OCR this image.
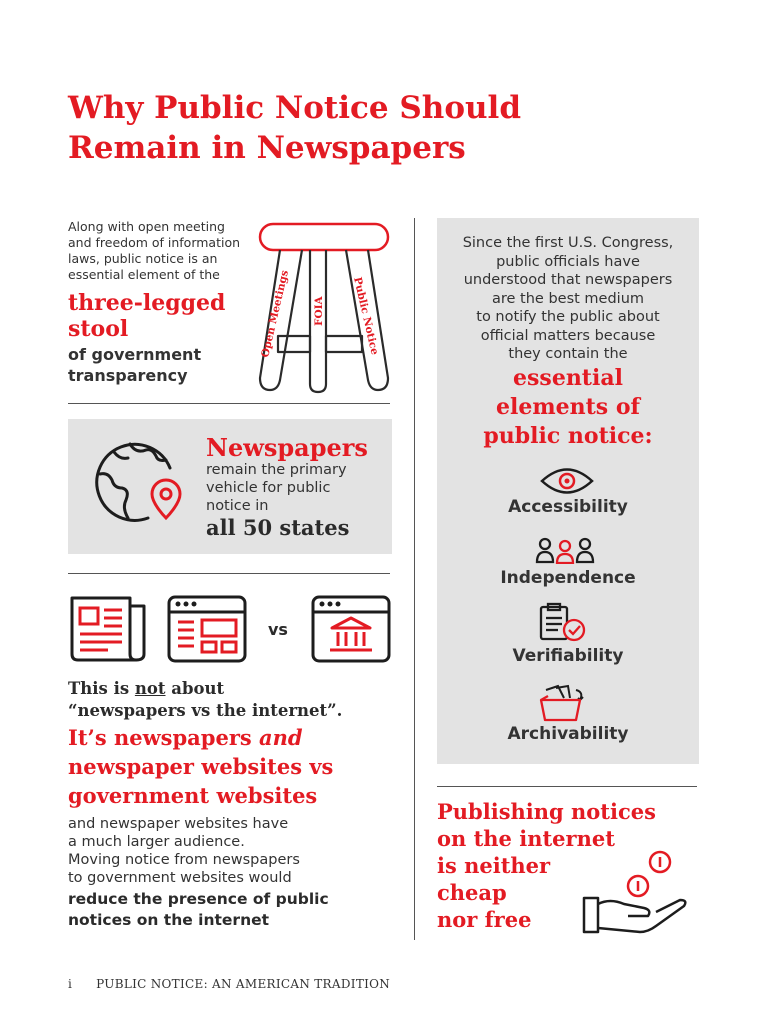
Why Public Notice Should
Remain in Newspapers
Along with open meeting
and freedom of information
laws, public notice is an
essential element of the
three-legged
stool
of government
transparency
Open Meetings FOIA Public Notice
Newspapers
remain the primary
vehicle for public
notice in
all 50 states
vs
This is not about
“newspapers vs the internet”.
It’s newspapers and
newspaper websites vs
government websites
and newspaper websites have
a much larger audience.
Moving notice from newspapers
to government websites would
reduce the presence of public
notices on the internet
Since the first U.S. Congress,
public officials have
understood that newspapers
are the best medium
to notify the public about
official matters because
they contain the
essential
elements of
public notice:
Accessibility
Independence
Verifiability
Archivability
Publishing notices
on the internet
is neither
cheap
nor free
i PUBLIC NOTICE: AN AMERICAN TRADITION
